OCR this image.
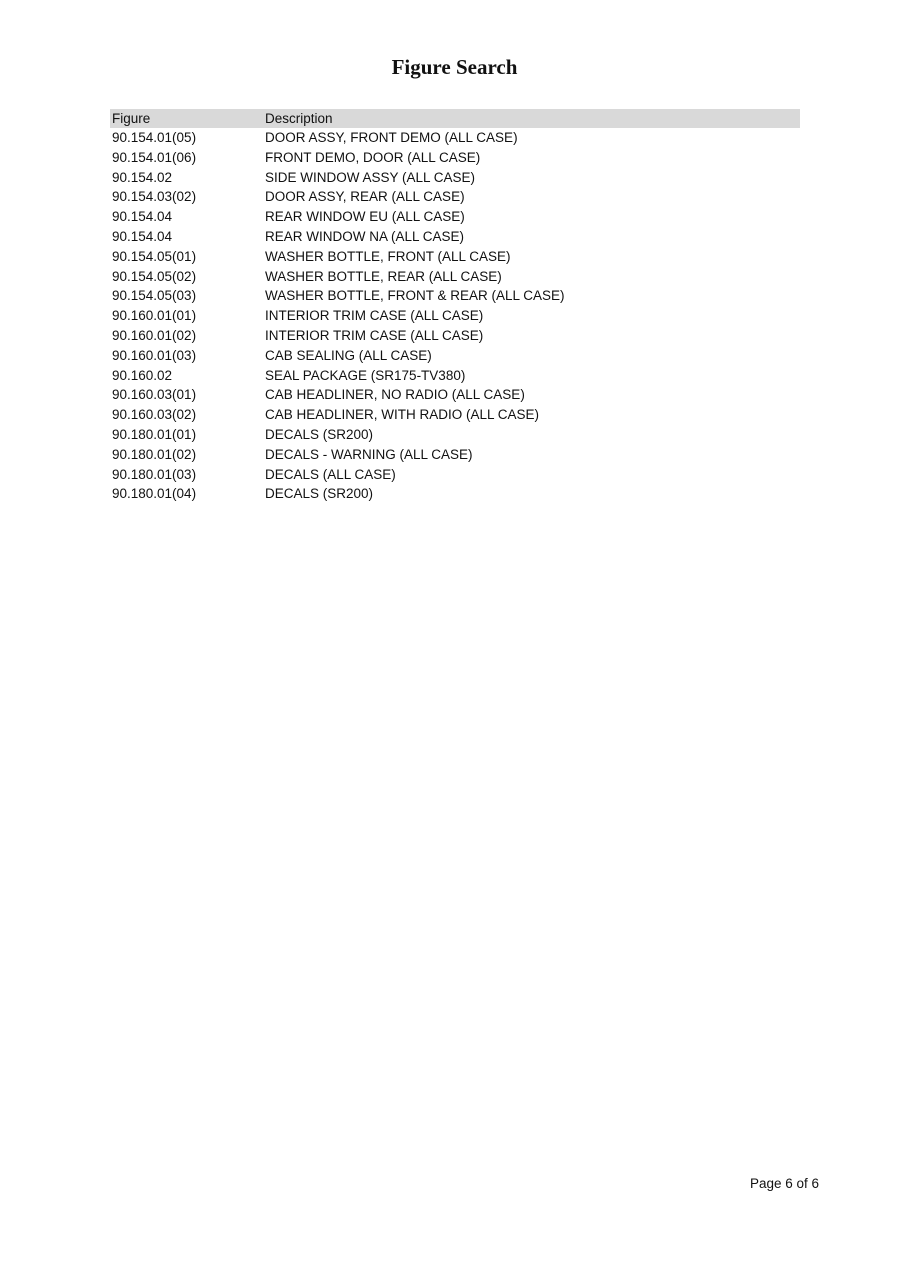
Figure Search
Figure	Description
90.154.01(05)	DOOR ASSY, FRONT DEMO (ALL CASE)
90.154.01(06)	FRONT DEMO, DOOR (ALL CASE)
90.154.02	SIDE WINDOW ASSY (ALL CASE)
90.154.03(02)	DOOR ASSY, REAR (ALL CASE)
90.154.04	REAR WINDOW EU (ALL CASE)
90.154.04	REAR WINDOW NA (ALL CASE)
90.154.05(01)	WASHER BOTTLE, FRONT (ALL CASE)
90.154.05(02)	WASHER BOTTLE, REAR (ALL CASE)
90.154.05(03)	WASHER BOTTLE, FRONT & REAR (ALL CASE)
90.160.01(01)	INTERIOR TRIM CASE (ALL CASE)
90.160.01(02)	INTERIOR TRIM CASE (ALL CASE)
90.160.01(03)	CAB SEALING (ALL CASE)
90.160.02	SEAL PACKAGE (SR175-TV380)
90.160.03(01)	CAB HEADLINER, NO RADIO (ALL CASE)
90.160.03(02)	CAB HEADLINER, WITH RADIO (ALL CASE)
90.180.01(01)	DECALS (SR200)
90.180.01(02)	DECALS - WARNING (ALL CASE)
90.180.01(03)	DECALS (ALL CASE)
90.180.01(04)	DECALS (SR200)
Page 6 of 6
